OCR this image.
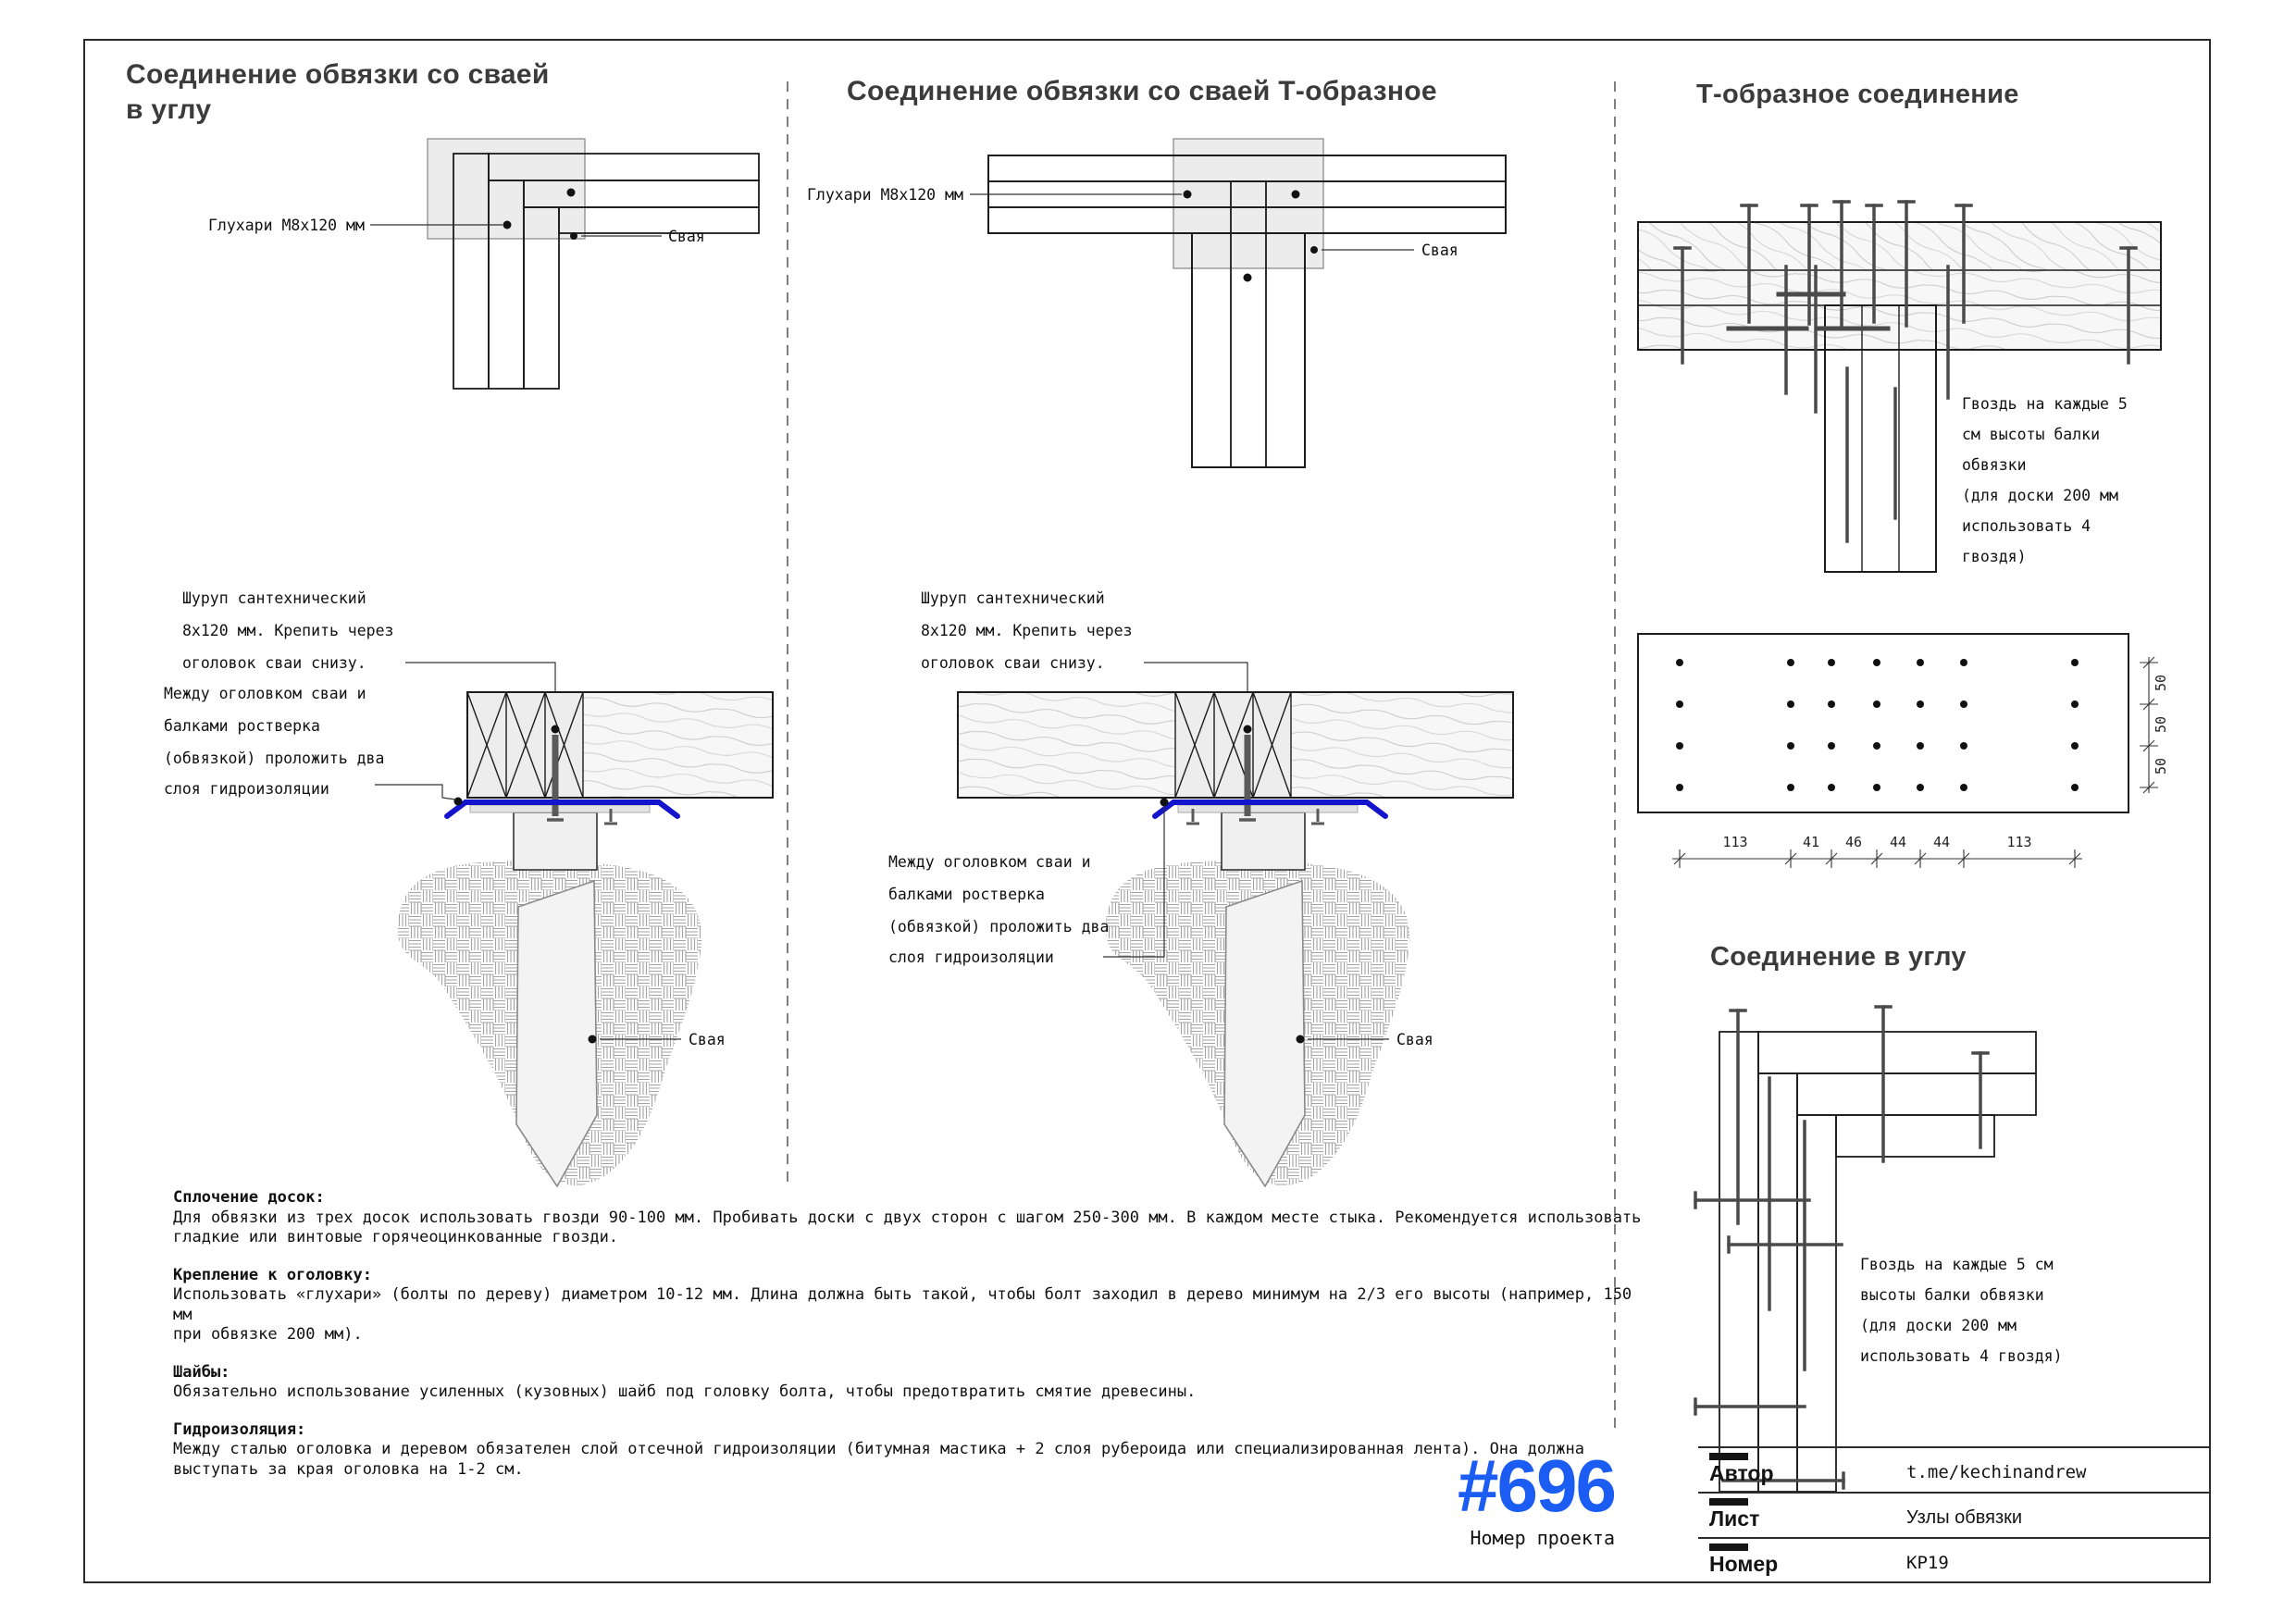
Глухари М8х120 мм
Свая
Шуруп сантехнический
8х120 мм. Крепить через
оголовок сваи снизу.
Между оголовком сваи и
балками ростверка
(обвязкой) проложить два
слоя гидроизоляции
Свая
Глухари М8х120 мм
Свая
Шуруп сантехнический
8х120 мм. Крепить через
оголовок сваи снизу.
Между оголовком сваи и
балками ростверка
(обвязкой) проложить два
слоя гидроизоляции
Свая
Гвоздь на каждые 5
см высоты балки
обвязки
(для доски 200 мм
использовать 4
гвоздя)
113	41 46 44 44	113
50
50
50
Гвоздь на каждые 5 см
высоты балки обвязки
(для доски 200 мм
использовать 4 гвоздя)
Соединение обвязки со сваей
в углу
Соединение обвязки со сваей Т-образное	Т-образное соединение
Соединение в углу
Сплочение досок:
Для обвязки из трех досок использовать гвозди 90-100 мм. Пробивать доски с двух сторон с шагом 250-300 мм. В каждом месте стыка. Рекомендуется использовать
гладкие или винтовые горячеоцинкованные гвозди.
Крепление к оголовку:
Использовать «глухари» (болты по дереву) диаметром 10-12 мм. Длина должна быть такой, чтобы болт заходил в дерево минимум на 2/3 его высоты (например, 150 мм
при обвязке 200 мм).
Шайбы:
Обязательно использование усиленных (кузовных) шайб под головку болта, чтобы предотвратить смятие древесины.
Гидроизоляция:
Между сталью оголовка и деревом обязателен слой отсечной гидроизоляции (битумная мастика + 2 слоя рубероида или специализированная лента). Она должна
выступать за края оголовка на 1-2 см.	#696
Номер проекта
Автор	t.me/kechinandrew
Лист	Узлы обвязки
Номер	КР19
